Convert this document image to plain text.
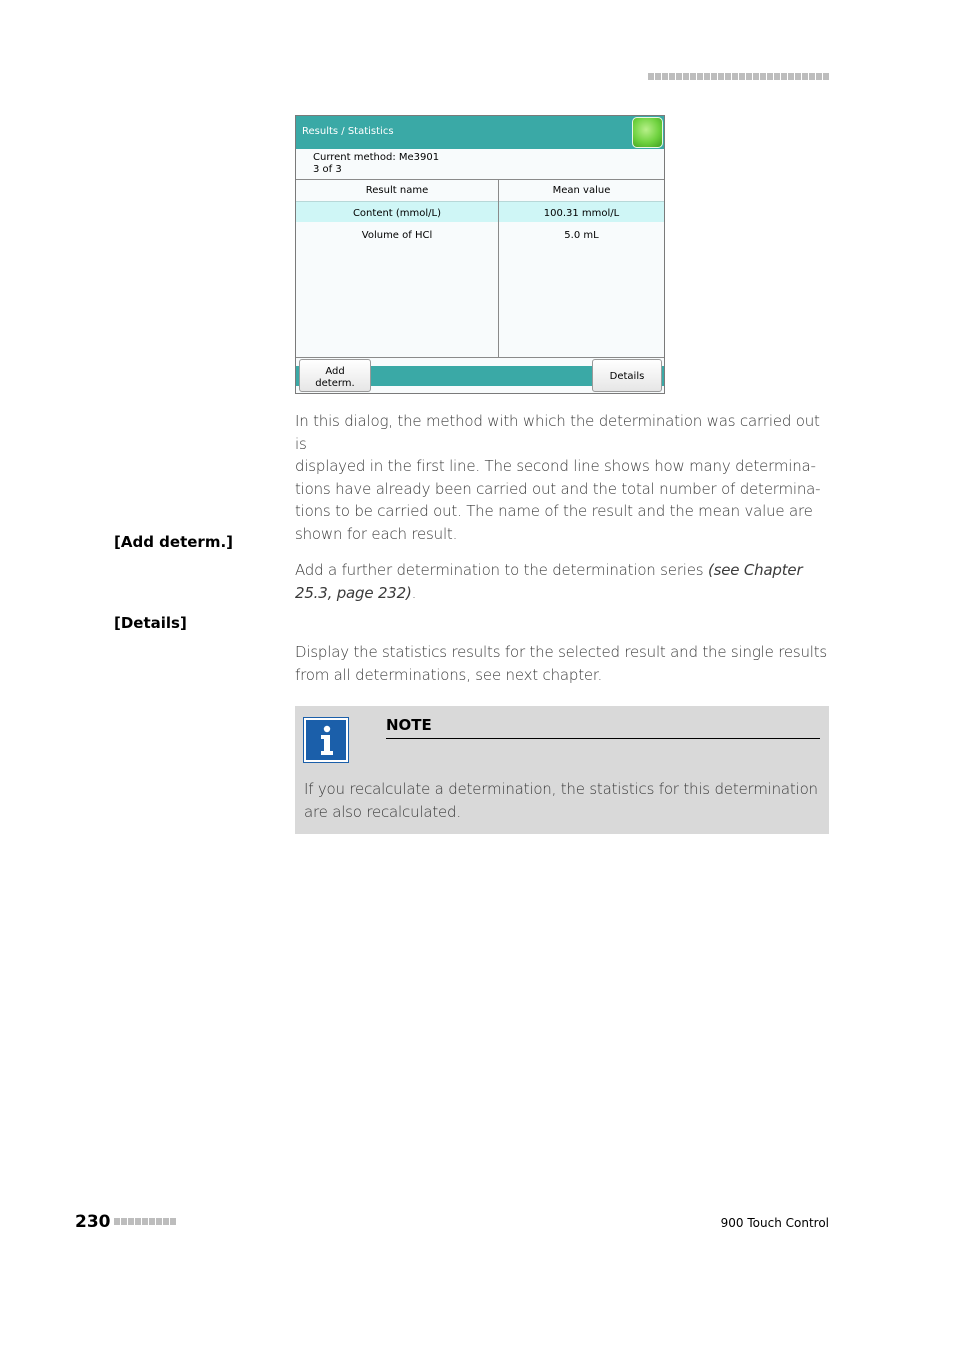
Results / Statistics
Current method: Me3901
3 of 3
Result name	Mean value
Content (mmol/L)	100.31 mmol/L
Volume of HCl	5.0 mL
Add
determ.
Details
In this dialog, the method with which the determination was carried out is
displayed in the first line. The second line shows how many determina-
tions have already been carried out and the total number of determina-
tions to be carried out. The name of the result and the mean value are
shown for each result.
[Add determ.]
Add a further determination to the determination series (see Chapter
25.3, page 232).
[Details]
Display the statistics results for the selected result and the single results
from all determinations, see next chapter.
NOTE
If you recalculate a determination, the statistics for this determination
are also recalculated.
230	900 Touch Control
